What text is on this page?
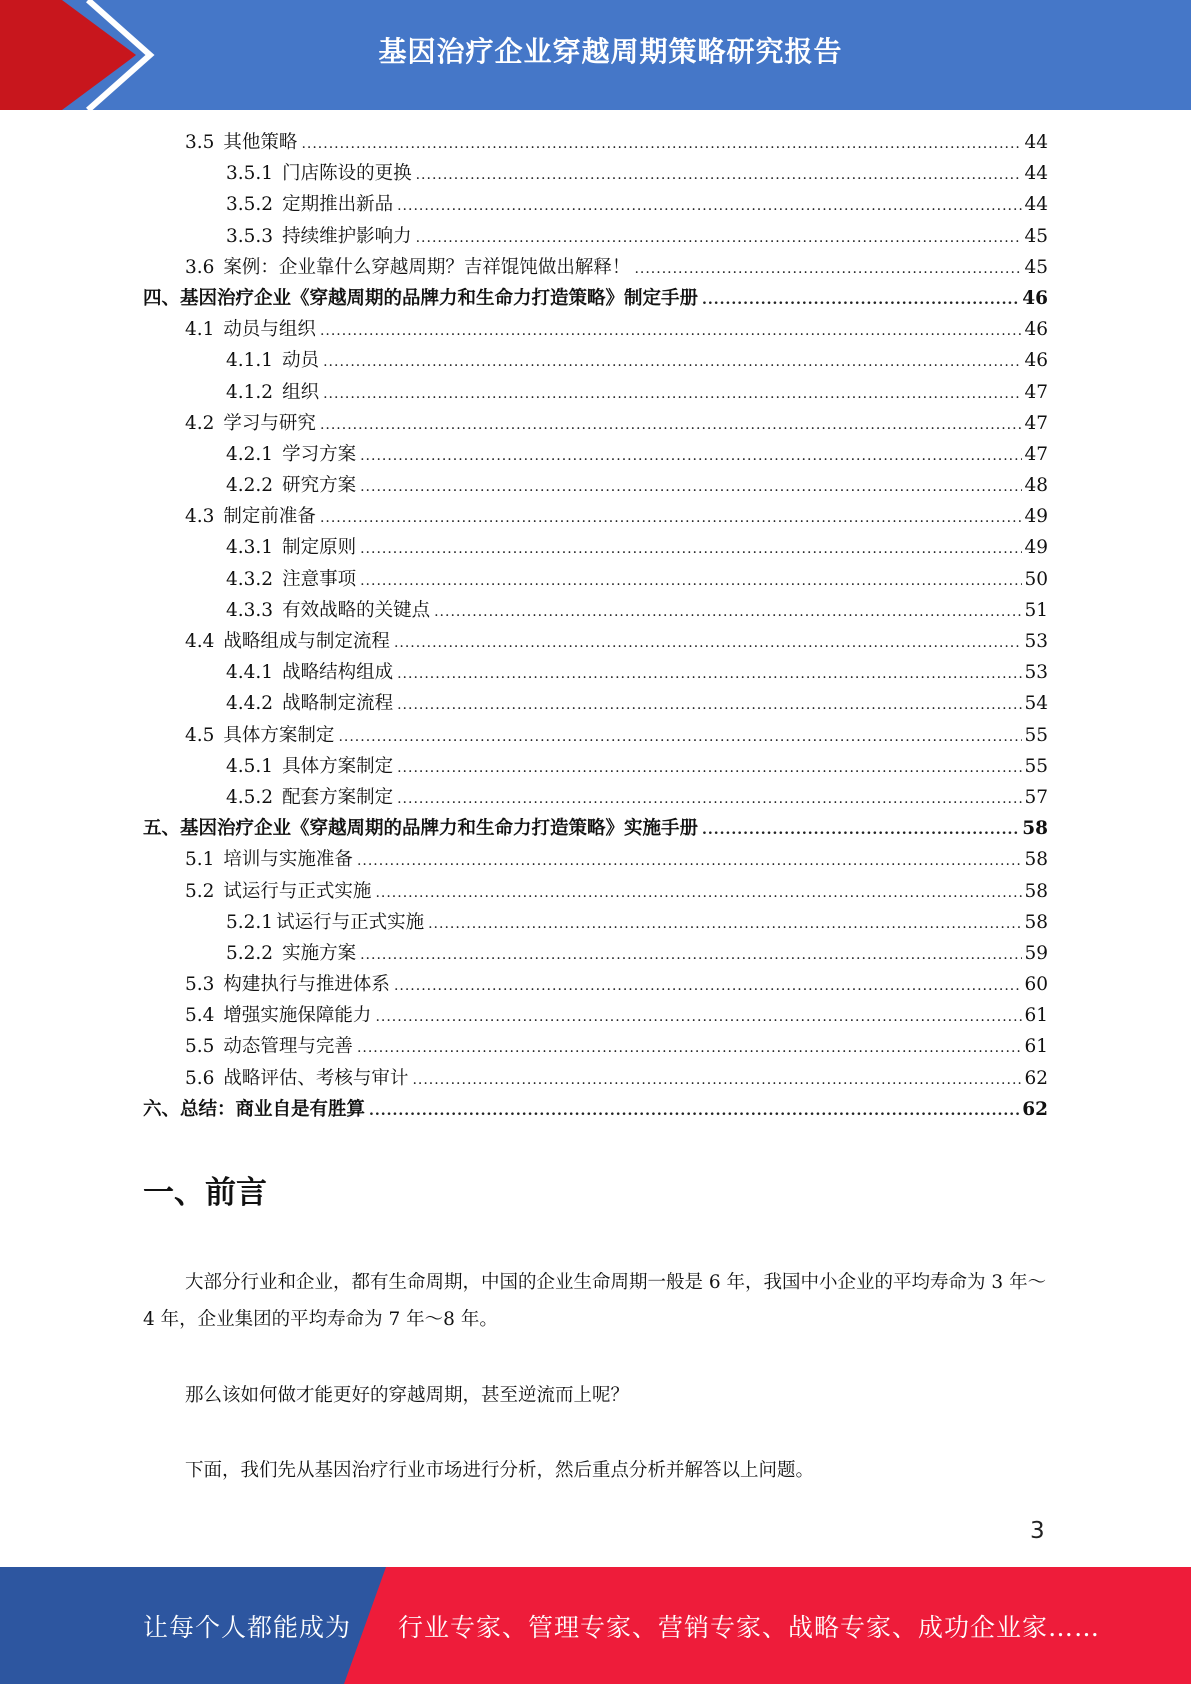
基因治疗企业穿越周期策略研究报告
3.5 其他策略 .....	44
3.5.1 门店陈设的更换 .....	44
3.5.2 定期推出新品 .....	44
3.5.3 持续维护影响力 .....	45
3.6 案例：企业靠什么穿越周期？吉祥馄饨做出解释！ .....	45
四、基因治疗企业《穿越周期的品牌力和生命力打造策略》制定手册 .....	46
4.1 动员与组织 .....	46
4.1.1 动员 .....	46
4.1.2 组织 .....	47
4.2 学习与研究 .....	47
4.2.1 学习方案 .....	47
4.2.2 研究方案 .....	48
4.3 制定前准备 .....	49
4.3.1 制定原则 .....	49
4.3.2 注意事项 .....	50
4.3.3 有效战略的关键点 .....	51
4.4 战略组成与制定流程 .....	53
4.4.1 战略结构组成 .....	53
4.4.2 战略制定流程 .....	54
4.5 具体方案制定 .....	55
4.5.1 具体方案制定 .....	55
4.5.2 配套方案制定 .....	57
五、基因治疗企业《穿越周期的品牌力和生命力打造策略》实施手册 .....	58
5.1 培训与实施准备 .....	58
5.2 试运行与正式实施 .....	58
5.2.1 试运行与正式实施 .....	58
5.2.2 实施方案 .....	59
5.3 构建执行与推进体系 .....	60
5.4 增强实施保障能力 .....	61
5.5 动态管理与完善 .....	61
5.6 战略评估、考核与审计 .....	62
六、总结：商业自是有胜算 .....	62
一、前言

大部分行业和企业，都有生命周期，中国的企业生命周期一般是 6 年，我国中小企业的平均寿命为 3 年～4 年，企业集团的平均寿命为 7 年～8 年。

那么该如何做才能更好的穿越周期，甚至逆流而上呢？

下面，我们先从基因治疗行业市场进行分析，然后重点分析并解答以上问题。

3
让每个人都能成为 行业专家、管理专家、营销专家、战略专家、成功企业家……
